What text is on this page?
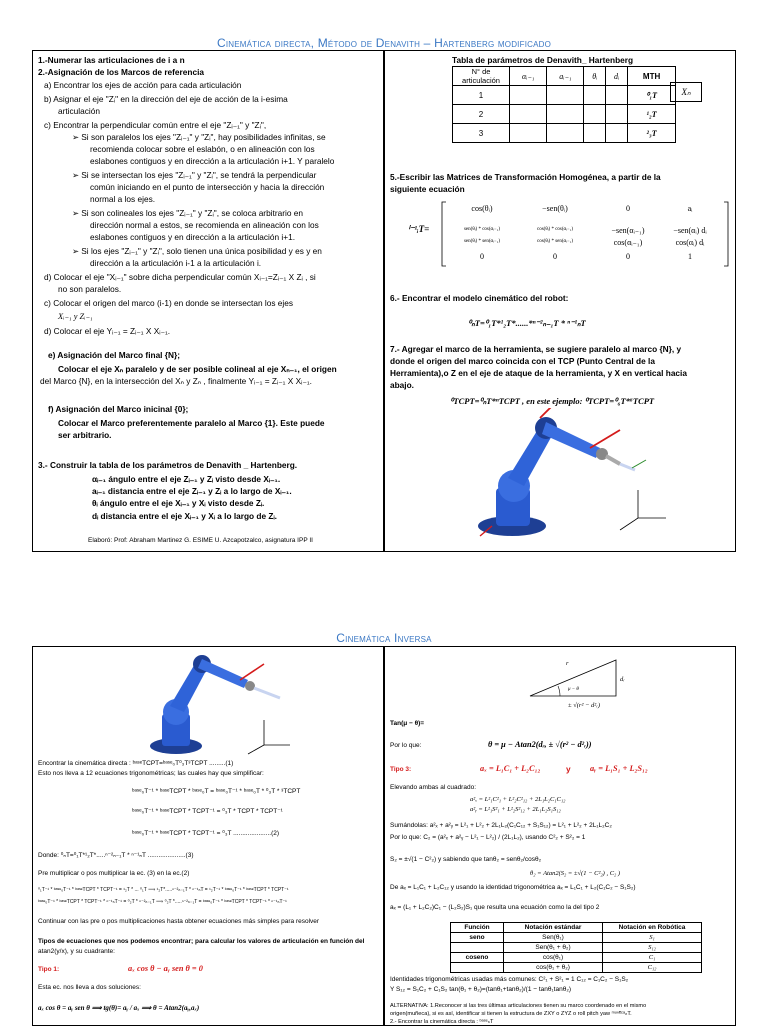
Cinemática directa, Método de Denavith – Hartenberg modificado
1.-Numerar las articulaciones de i a n
2.-Asignación de los Marcos de referencia
a) Encontrar los ejes de acción para cada articulación
b) Asignar el eje "Zᵢ" en la dirección del eje de acción de la i-esima
articulación
c) Encontrar la perpendicular común entre el eje "Zᵢ₋₁" y "Zᵢ",
➢ Si son paralelos los ejes "Zᵢ₋₁" y "Zᵢ", hay posibilidades infinitas, se
recomienda colocar sobre el eslabón, o en alineación con los
eslabones contiguos y en dirección a la articulación i+1. Y paralelo
➢ Si se intersectan los ejes "Zᵢ₋₁" y "Zᵢ", se tendrá la perpendicular
común iniciando en el punto de intersección y hacia la dirección
normal a los ejes.
➢ Si son colineales los ejes "Zᵢ₋₁" y "Zᵢ", se coloca arbitrario en
dirección normal a estos, se recomienda en alineación con los
eslabones contiguos y en dirección a la articulación i+1.
➢ Si los ejes "Zᵢ₋₁" y "Zᵢ", solo tienen una única posibilidad y es y en
dirección a la articulación i-1 a la articulación i.
d) Colocar el eje "Xᵢ₋₁" sobre dicha perpendicular común Xᵢ₋₁=Zᵢ₋₁ X Zᵢ , si
no son paralelos.
c) Colocar el origen del marco (i-1) en donde se intersectan los ejes
Xᵢ₋₁ y Zᵢ₋₁
d) Colocar el eje Yᵢ₋₁ = Zᵢ₋₁ X Xᵢ₋₁.
e) Asignación del Marco final {N};
Colocar el eje Xₙ paralelo y de ser posible colineal al eje Xₙ₋₁, el origen
del Marco {N}, en la intersección del Xₙ y Zₙ , finalmente Yᵢ₋₁ = Zᵢ₋₁ X Xᵢ₋₁.
f) Asignación del Marco inicinal {0};
Colocar el Marco preferentemente paralelo al Marco {1}. Este puede
ser arbitrario.
3.- Construir la tabla de los parámetros de Denavith _ Hartenberg.
αᵢ₋₁ ángulo entre el eje Zᵢ₋₁ y Zᵢ visto desde Xᵢ₋₁.
aᵢ₋₁ distancia entre el eje Zᵢ₋₁ y Zᵢ a lo largo de Xᵢ₋₁.
θᵢ ángulo entre el eje Xᵢ₋₁ y Xᵢ visto desde Zᵢ.
dᵢ distancia entre el eje Xᵢ₋₁ y Xᵢ a lo largo de Zᵢ.
Elaboró: Prof: Abraham Martinez G. ESIME U. Azcapotzalco, asignatura IPP II
Tabla de parámetros de Denavith_ Hartenberg
N° de articulación	αᵢ₋₁	aᵢ₋₁	θᵢ	dᵢ	MTH
1					⁰₁T
2					¹₂T
3					²₃T
Xₙ
5.-Escribir las Matrices de Transformación Homogénea, a partir de la
siguiente ecuación
ⁱ⁻¹ᵢT=
cos(θᵢ)	−sen(θᵢ)	0	aᵢ
sen(θᵢ) * cos(αᵢ₋₁)	cos(θᵢ) * cos(αᵢ₋₁)	−sen(αᵢ₋₁)	−sen(αᵢ) dᵢ
sen(θᵢ) * sen(αᵢ₋₁)	cos(θᵢ) * sen(αᵢ₋₁)	cos(αᵢ₋₁)	cos(αᵢ) dᵢ
0	0	0	1
6.- Encontrar el modelo cinemático del robot:
⁰ₙT=⁰₁T*¹₂T*......*ⁿ⁻²ₙ₋₁T * ⁿ⁻¹ₙT
7.- Agregar el marco de la herramienta, se sugiere paralelo al marco {N}, y
donde el origen del marco coincida con el TCP (Punto Central de la
Herramienta),o Z en el eje de ataque de la herramienta, y X en vertical hacia
abajo.
⁰TCPT=⁰ₙT*ⁿTCPT , en este ejemplo: ⁰TCPT=⁰₆T*⁶TCPT
Cinemática Inversa
Encontrar la cinemática directa : ᵇᵃˢᵉTCPT=ᵇᵃˢᵉ₀T⁰₃T³TCPT .........(1)
Esto nos lleva a 12 ecuaciones trigonométricas; las cuales hay que simplificar:
ᵇᵃˢᵉ₀T⁻¹ * ᵇᵃˢᵉTCPT * ᵇᵃˢᵉ₀T = ᵇᵃˢᵉ₀T⁻¹ * ᵇᵃˢᵉ₀T * ⁰₃T * ³TCPT
ᵇᵃˢᵉ₀T⁻¹ * ᵇᵃˢᵉTCPT * TCPT⁻¹ = ⁰₃T * TCPT * TCPT⁻¹
ᵇᵃˢᵉ₀T⁻¹ * ᵇᵃˢᵉTCPT * TCPT⁻¹ = ⁰₃T .....................(2)
Donde: ⁰ₙT=⁰₁T*¹₂T*.....ⁿ⁻²ₙ₋₁T * ⁿ⁻¹ₙT .....................(3)
Pre multiplicar o pos multiplicar la ec. (3) en la ec.(2)
⁰₁T⁻¹ * ᵇᵃˢᵉ₀T⁻¹ * ᵇᵃˢᵉTCPT * TCPT⁻¹ = ¹₂T * ... ⁰₁T ⟹ ¹₂T*.....ⁿ⁻²ₙ₋₁T * ⁿ⁻¹ₙT = ¹₂T⁻¹ * ᵇᵃˢᵉ₀T⁻¹ * ᵇᵃˢᵉTCPT * TCPT⁻¹
ᵇᵃˢᵉ₀T⁻¹ * ᵇᵃˢᵉTCPT * TCPT⁻¹ * ⁿ⁻¹ₙT⁻¹ = ⁰₂T * ⁿ⁻²ₙ₋₁T ⟹ ⁰₂T *.....ⁿ⁻²ₙ₋₁T = ᵇᵃˢᵉ₀T⁻¹ * ᵇᵃˢᵉTCPT * TCPT⁻¹ * ⁿ⁻¹ₙT⁻¹
Continuar con las pre o pos multiplicaciones hasta obtener ecuaciones más simples para resolver
Tipos de ecuaciones que nos podemos encontrar; para calcular los valores de articulación en función del
atan2(y/x), y su cuadrante:
Tipo 1:	aₓ cos θ − aᵧ sen θ = 0
Esta ec. nos lleva a dos soluciones:
aₓ cos θ = aᵧ sen θ ⟹ tg(θ)= aᵧ / aₓ ⟹ θ = Atan2(aᵧ,aₓ)
r
dᵣ
μ − θ
± √(r² − d²ᵣ)
Tan(μ − θ)=
Por lo que:	θ = μ − Atan2(dᵣ, ± √(r² − d²ᵣ))
Tipo 3:	aₓ = L₁C₁ + L₂C₁₂	y aᵧ = L₁S₁ + L₂S₁₂
Elevando ambas al cuadrado:
a²ₓ = L²₁C²₁ + L²₂C²₁₂ + 2L₁L₂C₁C₁₂
a²ᵧ = L²₁S²₁ + L²₂S²₁₂ + 2L₁L₂S₁S₁₂
Sumándolas: a²ₓ + a²ᵧ = L²₁ + L²₂ + 2L₁L₂(C₁C₁₂ + S₁S₁₂) = L²₁ + L²₂ + 2L₁L₂C₂
Por lo que: C₂ = (a²ₓ + a²ᵧ − L²₁ − L²₂) / (2L₁L₂), usando C²₂ + S²₂ = 1
S₂ = ±√(1 − C²₂) y sabiendo que tanθ₂ = senθ₂/cosθ₂
θ₂ = Atan2(S₂ = ±√(1 − C²₂) , C₂ )
De aₓ = L₁C₁ + L₂C₁₂ y usando la identidad trigonométrica aₓ = L₁C₁ + L₂(C₁C₂ − S₁S₂)
aₓ = (L₁ + L₂C₂)C₁ − (L₂S₂)S₁ que resulta una ecuación como la del tipo 2
Función	Notación estándar	Notación en Robótica
seno	Sen(θ₁)	S₁
	Sen(θ₁ + θ₂)	S₁₂
coseno	cos(θ₁)	C₁
	cos(θ₁ + θ₂)	C₁₂
Identidades trigonométricas usadas más comunes: C²₁ + S²₁ = 1 C₁₂ = C₁C₂ − S₁S₂
Y S₁₂ = S₁C₂ + C₁S₂ tan(θ₁ + θ₂)=(tanθ₁+tanθ₂)/(1 − tanθ₁tanθ₂)
ALTERNATIVA: 1.Reconocer si las tres últimas articulaciones tienen su marco coordenado en el mismo
origen(muñeca), si es así, identificar si tienen la estructura de ZXY o ZYZ o roll pitch yaw ᵐᵘⁿ̃ᵉᶜᵃₙT.
2.- Encontrar la cinemática directa : ᵇᵃˢᵉₙT
